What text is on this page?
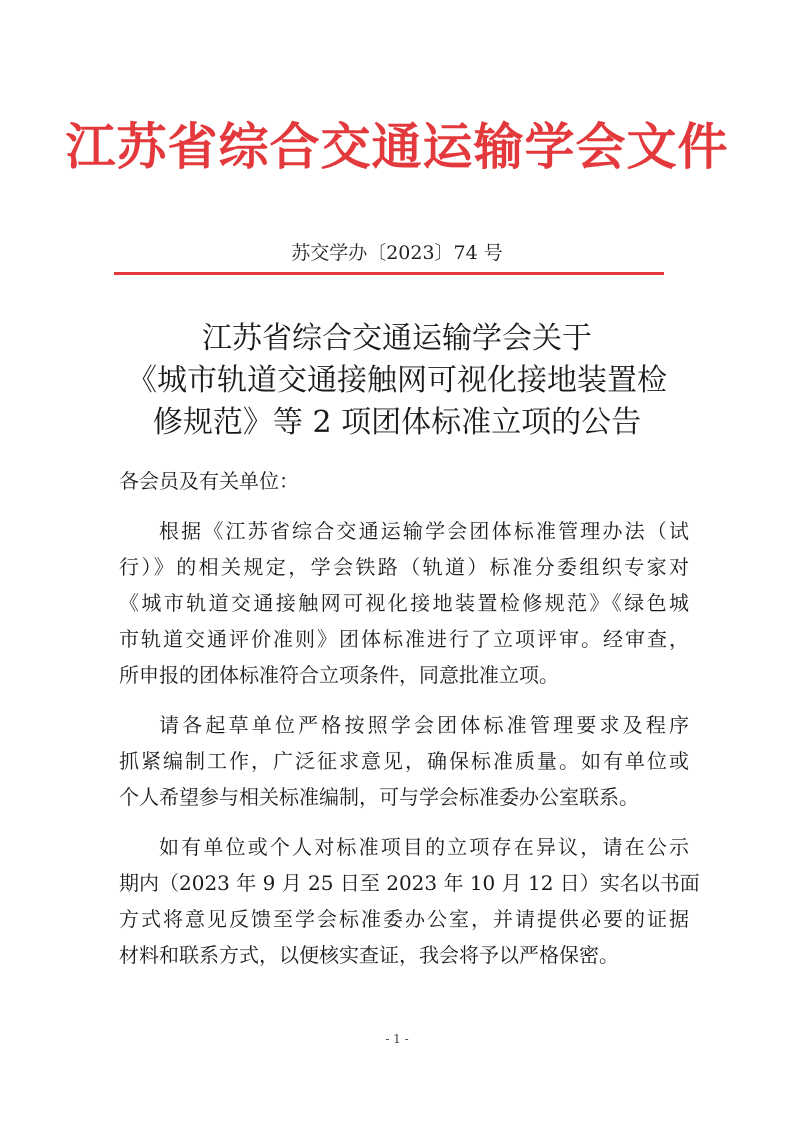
江苏省综合交通运输学会文件
苏交学办〔2023〕74 号
江苏省综合交通运输学会关于
《城市轨道交通接触网可视化接地装置检
修规范》等 2 项团体标准立项的公告
各会员及有关单位：
根据《江苏省综合交通运输学会团体标准管理办法（试
行）》的相关规定，学会铁路（轨道）标准分委组织专家对
《城市轨道交通接触网可视化接地装置检修规范》《绿色城
市轨道交通评价准则》团体标准进行了立项评审。经审查，
所申报的团体标准符合立项条件，同意批准立项。
请各起草单位严格按照学会团体标准管理要求及程序
抓紧编制工作，广泛征求意见，确保标准质量。如有单位或
个人希望参与相关标准编制，可与学会标准委办公室联系。
如有单位或个人对标准项目的立项存在异议，请在公示
期内（2023 年 9 月 25 日至 2023 年 10 月 12 日）实名以书面
方式将意见反馈至学会标准委办公室，并请提供必要的证据
材料和联系方式，以便核实查证，我会将予以严格保密。
- 1 -
